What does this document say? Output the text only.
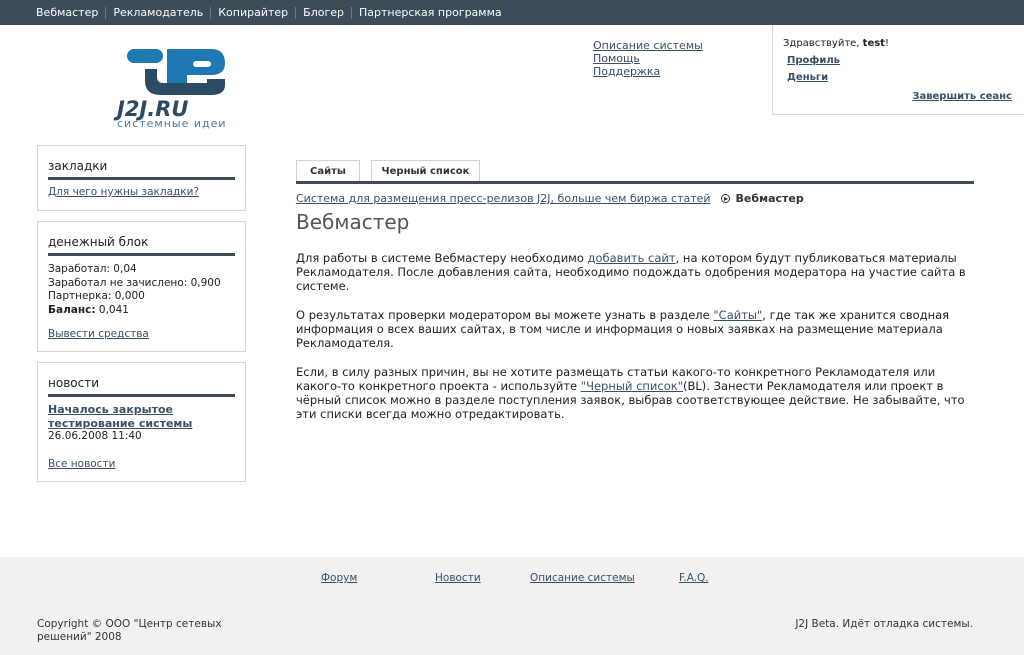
Вебмастер	Рекламодатель	Копирайтер	Блогер	Партнерская программа
J2J.RU
системные идеи
Описание системы
Помощь
Поддержка
Здравствуйте, test!
Профиль
Деньги
Завершить сеанс
закладки
Для чего нужны закладки?
денежный блок
Заработал: 0,04
Заработал не зачислено: 0,900
Партнерка: 0,000
Баланс: 0,041
Вывести средства
новости
Началось закрытое тестирование системы
26.06.2008 11:40
Все новости
Сайты	Черный список
Система для размещения пресс-релизов J2J, больше чем биржа статей Вебмастер
Вебмастер

Для работы в системе Вебмастеру необходимо добавить сайт, на котором будут публиковаться материалы Рекламодателя. После добавления сайта, необходимо подождать одобрения модератора на участие сайта в системе.

О результатах проверки модератором вы можете узнать в разделе "Сайты", где так же хранится сводная информация о всех ваших сайтах, в том числе и информация о новых заявках на размещение материала Рекламодателя.

Если, в силу разных причин, вы не хотите размещать статьи какого-то конкретного Рекламодателя или какого-то конкретного проекта - используйте "Черный список"(BL). Занести Рекламодателя или проект в чёрный список можно в разделе поступления заявок, выбрав соответствующее действие. Не забывайте, что эти списки всегда можно отредактировать.

Форум	Новости	Описание системы	F.A.Q.
Copyright © ООО "Центр сетевых решений" 2008
J2J Beta. Идёт отладка системы.
